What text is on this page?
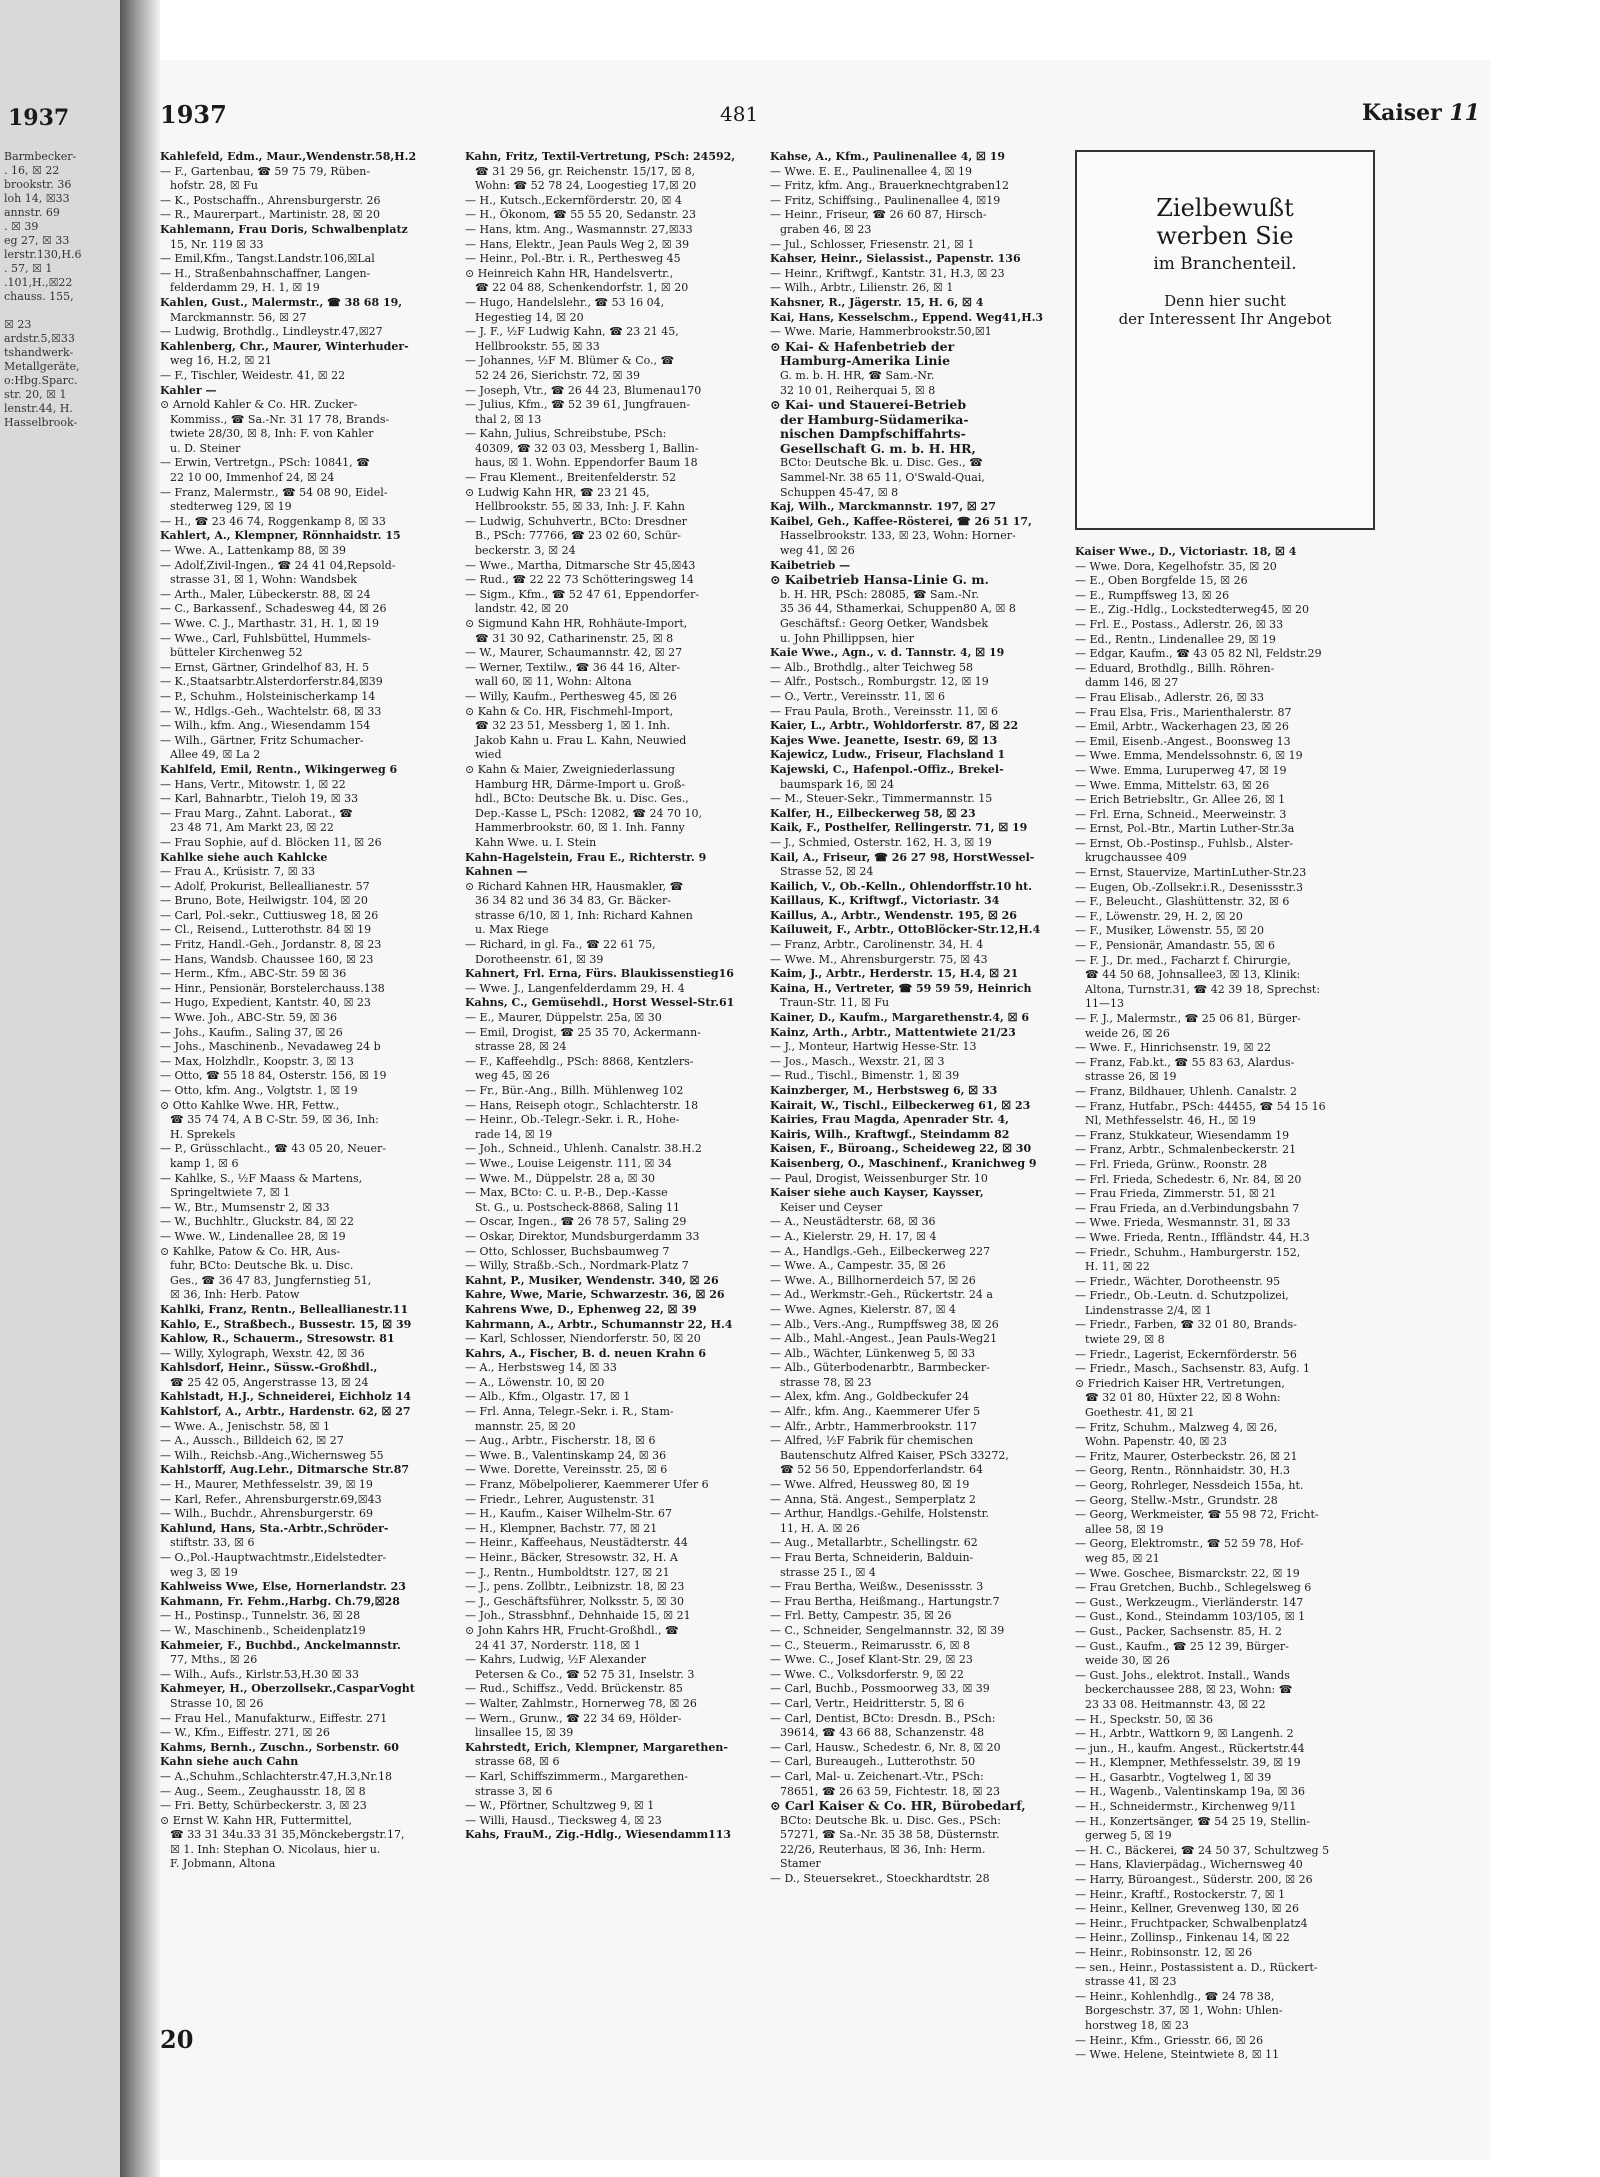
1937
Barmbecker-
. 16, ☒ 22
brookstr. 36
loh 14, ☒33
annstr. 69
. ☒ 39
eg 27, ☒ 33
lerstr.130,H.6
. 57, ☒ 1
.101,H.,☒22
chauss. 155,

☒ 23
ardstr.5,☒33
tshandwerk-
Metallgeräte,
o:Hbg.Sparc.
str. 20, ☒ 1
lenstr.44, H.
Hasselbrook-
1937	481	Kaiser 11
Kahlefeld, Edm., Maur.,Wendenstr.58,H.2
— F., Gartenbau, ☎ 59 75 79, Rüben-
hofstr. 28, ☒ Fu
— K., Postschaffn., Ahrensburgerstr. 26
— R., Maurerpart., Martinistr. 28, ☒ 20
Kahlemann, Frau Doris, Schwalbenplatz
15, Nr. 119 ☒ 33
— Emil,Kfm., Tangst.Landstr.106,☒Lal
— H., Straßenbahnschaffner, Langen-
felderdamm 29, H. 1, ☒ 19
Kahlen, Gust., Malermstr., ☎ 38 68 19,
Marckmannstr. 56, ☒ 27
— Ludwig, Brothdlg., Lindleystr.47,☒27
Kahlenberg, Chr., Maurer, Winterhuder-
weg 16, H.2, ☒ 21
— F., Tischler, Weidestr. 41, ☒ 22
Kahler —
⊙ Arnold Kahler & Co. HR. Zucker-
Kommiss., ☎ Sa.-Nr. 31 17 78, Brands-
twiete 28/30, ☒ 8, Inh: F. von Kahler
u. D. Steiner
— Erwin, Vertretgn., PSch: 10841, ☎
22 10 00, Immenhof 24, ☒ 24
— Franz, Malermstr., ☎ 54 08 90, Eidel-
stedterweg 129, ☒ 19
— H., ☎ 23 46 74, Roggenkamp 8, ☒ 33
Kahlert, A., Klempner, Rönnhaidstr. 15
— Wwe. A., Lattenkamp 88, ☒ 39
— Adolf,Zivil-Ingen., ☎ 24 41 04,Repsold-
strasse 31, ☒ 1, Wohn: Wandsbek
— Arth., Maler, Lübeckerstr. 88, ☒ 24
— C., Barkassenf., Schadesweg 44, ☒ 26
— Wwe. C. J., Marthastr. 31, H. 1, ☒ 19
— Wwe., Carl, Fuhlsbüttel, Hummels-
bütteler Kirchenweg 52
— Ernst, Gärtner, Grindelhof 83, H. 5
— K.,Staatsarbtr.Alsterdorferstr.84,☒39
— P., Schuhm., Holsteinischerkamp 14
— W., Hdlgs.-Geh., Wachtelstr. 68, ☒ 33
— Wilh., kfm. Ang., Wiesendamm 154
— Wilh., Gärtner, Fritz Schumacher-
Allee 49, ☒ La 2
Kahlfeld, Emil, Rentn., Wikingerweg 6
— Hans, Vertr., Mitowstr. 1, ☒ 22
— Karl, Bahnarbtr., Tieloh 19, ☒ 33
— Frau Marg., Zahnt. Laborat., ☎
23 48 71, Am Markt 23, ☒ 22
— Frau Sophie, auf d. Blöcken 11, ☒ 26
Kahlke siehe auch Kahlcke
— Frau A., Krüsistr. 7, ☒ 33
— Adolf, Prokurist, Belleallianestr. 57
— Bruno, Bote, Heilwigstr. 104, ☒ 20
— Carl, Pol.-sekr., Cuttiusweg 18, ☒ 26
— Cl., Reisend., Lutterothstr. 84 ☒ 19
— Fritz, Handl.-Geh., Jordanstr. 8, ☒ 23
— Hans, Wandsb. Chaussee 160, ☒ 23
— Herm., Kfm., ABC-Str. 59 ☒ 36
— Hinr., Pensionär, Borstelerchauss.138
— Hugo, Expedient, Kantstr. 40, ☒ 23
— Wwe. Joh., ABC-Str. 59, ☒ 36
— Johs., Kaufm., Saling 37, ☒ 26
— Johs., Maschinenb., Nevadaweg 24 b
— Max, Holzhdlr., Koopstr. 3, ☒ 13
— Otto, ☎ 55 18 84, Osterstr. 156, ☒ 19
— Otto, kfm. Ang., Volgtstr. 1, ☒ 19
⊙ Otto Kahlke Wwe. HR, Fettw.,
☎ 35 74 74, A B C-Str. 59, ☒ 36, Inh:
H. Sprekels
— P., Grüsschlacht., ☎ 43 05 20, Neuer-
kamp 1, ☒ 6
— Kahlke, S., ½F Maass & Martens,
Springeltwiete 7, ☒ 1
— W., Btr., Mumsenstr 2, ☒ 33
— W., Buchhltr., Gluckstr. 84, ☒ 22
— Wwe. W., Lindenallee 28, ☒ 19
⊙ Kahlke, Patow & Co. HR, Aus-
fuhr, BCto: Deutsche Bk. u. Disc.
Ges., ☎ 36 47 83, Jungfernstieg 51,
☒ 36, Inh: Herb. Patow
Kahlki, Franz, Rentn., Belleallianestr.11
Kahlo, E., Straßbech., Bussestr. 15, ☒ 39
Kahlow, R., Schauerm., Stresowstr. 81
— Willy, Xylograph, Wexstr. 42, ☒ 36
Kahlsdorf, Heinr., Süssw.-Großhdl.,
☎ 25 42 05, Angerstrasse 13, ☒ 24
Kahlstadt, H.J., Schneiderei, Eichholz 14
Kahlstorf, A., Arbtr., Hardenstr. 62, ☒ 27
— Wwe. A., Jenischstr. 58, ☒ 1
— A., Aussch., Billdeich 62, ☒ 27
— Wilh., Reichsb.-Ang.,Wichernsweg 55
Kahlstorff, Aug.Lehr., Ditmarsche Str.87
— H., Maurer, Methfesselstr. 39, ☒ 19
— Karl, Refer., Ahrensburgerstr.69,☒43
— Wilh., Buchdr., Ahrensburgerstr. 69
Kahlund, Hans, Sta.-Arbtr.,Schröder-
stiftstr. 33, ☒ 6
— O.,Pol.-Hauptwachtmstr.,Eidelstedter-
weg 3, ☒ 19
Kahlweiss Wwe, Else, Hornerlandstr. 23
Kahmann, Fr. Fehm.,Harbg. Ch.79,☒28
— H., Postinsp., Tunnelstr. 36, ☒ 28
— W., Maschinenb., Scheidenplatz19
Kahmeier, F., Buchbd., Anckelmannstr.
77, Mths., ☒ 26
— Wilh., Aufs., Kirlstr.53,H.30 ☒ 33
Kahmeyer, H., Oberzollsekr.,CasparVoght
Strasse 10, ☒ 26
— Frau Hel., Manufakturw., Eiffestr. 271
— W., Kfm., Eiffestr. 271, ☒ 26
Kahms, Bernh., Zuschn., Sorbenstr. 60
Kahn siehe auch Cahn
— A.,Schuhm.,Schlachterstr.47,H.3,Nr.18
— Aug., Seem., Zeughausstr. 18, ☒ 8
— Fri. Betty, Schürbeckerstr. 3, ☒ 23
⊙ Ernst W. Kahn HR, Futtermittel,
☎ 33 31 34u.33 31 35,Mönckebergstr.17,
☒ 1. Inh: Stephan O. Nicolaus, hier u.
F. Jobmann, Altona
Kahn, Fritz, Textil-Vertretung, PSch: 24592,
☎ 31 29 56, gr. Reichenstr. 15/17, ☒ 8,
Wohn: ☎ 52 78 24, Loogestieg 17,☒ 20
— H., Kutsch.,Eckernförderstr. 20, ☒ 4
— H., Ökonom, ☎ 55 55 20, Sedanstr. 23
— Hans, ktm. Ang., Wasmannstr. 27,☒33
— Hans, Elektr., Jean Pauls Weg 2, ☒ 39
— Heinr., Pol.-Btr. i. R., Perthesweg 45
⊙ Heinreich Kahn HR, Handelsvertr.,
☎ 22 04 88, Schenkendorfstr. 1, ☒ 20
— Hugo, Handelslehr., ☎ 53 16 04,
Hegestieg 14, ☒ 20
— J. F., ½F Ludwig Kahn, ☎ 23 21 45,
Hellbrookstr. 55, ☒ 33
— Johannes, ½F M. Blümer & Co., ☎
52 24 26, Sierichstr. 72, ☒ 39
— Joseph, Vtr., ☎ 26 44 23, Blumenau170
— Julius, Kfm., ☎ 52 39 61, Jungfrauen-
thal 2, ☒ 13
— Kahn, Julius, Schreibstube, PSch:
40309, ☎ 32 03 03, Messberg 1, Ballin-
haus, ☒ 1. Wohn. Eppendorfer Baum 18
— Frau Klement., Breitenfelderstr. 52
⊙ Ludwig Kahn HR, ☎ 23 21 45,
Hellbrookstr. 55, ☒ 33, Inh: J. F. Kahn
— Ludwig, Schuhvertr., BCto: Dresdner
B., PSch: 77766, ☎ 23 02 60, Schür-
beckerstr. 3, ☒ 24
— Wwe., Martha, Ditmarsche Str 45,☒43
— Rud., ☎ 22 22 73 Schötteringsweg 14
— Sigm., Kfm., ☎ 52 47 61, Eppendorfer-
landstr. 42, ☒ 20
⊙ Sigmund Kahn HR, Rohhäute-Import,
☎ 31 30 92, Catharinenstr. 25, ☒ 8
— W., Maurer, Schaumannstr. 42, ☒ 27
— Werner, Textilw., ☎ 36 44 16, Alter-
wall 60, ☒ 11, Wohn: Altona
— Willy, Kaufm., Perthesweg 45, ☒ 26
⊙ Kahn & Co. HR, Fischmehl-Import,
☎ 32 23 51, Messberg 1, ☒ 1. Inh.
Jakob Kahn u. Frau L. Kahn, Neuwied
wied
⊙ Kahn & Maier, Zweigniederlassung
Hamburg HR, Därme-Import u. Groß-
hdl., BCto: Deutsche Bk. u. Disc. Ges.,
Dep.-Kasse L, PSch: 12082, ☎ 24 70 10,
Hammerbrookstr. 60, ☒ 1. Inh. Fanny
Kahn Wwe. u. I. Stein
Kahn-Hagelstein, Frau E., Richterstr. 9
Kahnen —
⊙ Richard Kahnen HR, Hausmakler, ☎
36 34 82 und 36 34 83, Gr. Bäcker-
strasse 6/10, ☒ 1, Inh: Richard Kahnen
u. Max Riege
— Richard, in gl. Fa., ☎ 22 61 75,
Dorotheenstr. 61, ☒ 39
Kahnert, Frl. Erna, Fürs. Blaukissenstieg16
— Wwe. J., Langenfelderdamm 29, H. 4
Kahns, C., Gemüsehdl., Horst Wessel-Str.61
— E., Maurer, Düppelstr. 25a, ☒ 30
— Emil, Drogist, ☎ 25 35 70, Ackermann-
strasse 28, ☒ 24
— F., Kaffeehdlg., PSch: 8868, Kentzlers-
weg 45, ☒ 26
— Fr., Bür.-Ang., Billh. Mühlenweg 102
— Hans, Reiseph otogr., Schlachterstr. 18
— Heinr., Ob.-Telegr.-Sekr. i. R., Hohe-
rade 14, ☒ 19
— Joh., Schneid., Uhlenh. Canalstr. 38.H.2
— Wwe., Louise Leigenstr. 111, ☒ 34
— Wwe. M., Düppelstr. 28 a, ☒ 30
— Max, BCto: C. u. P.-B., Dep.-Kasse
St. G., u. Postscheck-8868, Saling 11
— Oscar, Ingen., ☎ 26 78 57, Saling 29
— Oskar, Direktor, Mundsburgerdamm 33
— Otto, Schlosser, Buchsbaumweg 7
— Willy, Straßb.-Sch., Nordmark-Platz 7
Kahnt, P., Musiker, Wendenstr. 340, ☒ 26
Kahre, Wwe, Marie, Schwarzestr. 36, ☒ 26
Kahrens Wwe, D., Ephenweg 22, ☒ 39
Kahrmann, A., Arbtr., Schumannstr 22, H.4
— Karl, Schlosser, Niendorferstr. 50, ☒ 20
Kahrs, A., Fischer, B. d. neuen Krahn 6
— A., Herbstsweg 14, ☒ 33
— A., Löwenstr. 10, ☒ 20
— Alb., Kfm., Olgastr. 17, ☒ 1
— Frl. Anna, Telegr.-Sekr. i. R., Stam-
mannstr. 25, ☒ 20
— Aug., Arbtr., Fischerstr. 18, ☒ 6
— Wwe. B., Valentinskamp 24, ☒ 36
— Wwe. Dorette, Vereinsstr. 25, ☒ 6
— Franz, Möbelpolierer, Kaemmerer Ufer 6
— Friedr., Lehrer, Augustenstr. 31
— H., Kaufm., Kaiser Wilhelm-Str. 67
— H., Klempner, Bachstr. 77, ☒ 21
— Heinr., Kaffeehaus, Neustädterstr. 44
— Heinr., Bäcker, Stresowstr. 32, H. A
— J., Rentn., Humboldtstr. 127, ☒ 21
— J., pens. Zollbtr., Leibnizstr. 18, ☒ 23
— J., Geschäftsführer, Nolksstr. 5, ☒ 30
— Joh., Strassbhnf., Dehnhaide 15, ☒ 21
⊙ John Kahrs HR, Frucht-Großhdl., ☎
24 41 37, Norderstr. 118, ☒ 1
— Kahrs, Ludwig, ½F Alexander
Petersen & Co., ☎ 52 75 31, Inselstr. 3
— Rud., Schiffsz., Vedd. Brückenstr. 85
— Walter, Zahlmstr., Hornerweg 78, ☒ 26
— Wern., Grunw., ☎ 22 34 69, Hölder-
linsallee 15, ☒ 39
Kahrstedt, Erich, Klempner, Margarethen-
strasse 68, ☒ 6
— Karl, Schiffszimmerm., Margarethen-
strasse 3, ☒ 6
— W., Pförtner, Schultzweg 9, ☒ 1
— Willi, Hausd., Tiecksweg 4, ☒ 23
Kahs, FrauM., Zig.-Hdlg., Wiesendamm113
Kahse, A., Kfm., Paulinenallee 4, ☒ 19
— Wwe. E. E., Paulinenallee 4, ☒ 19
— Fritz, kfm. Ang., Brauerknechtgraben12
— Fritz, Schiffsing., Paulinenallee 4, ☒19
— Heinr., Friseur, ☎ 26 60 87, Hirsch-
graben 46, ☒ 23
— Jul., Schlosser, Friesenstr. 21, ☒ 1
Kahser, Heinr., Sielassist., Papenstr. 136
— Heinr., Kriftwgf., Kantstr. 31, H.3, ☒ 23
— Wilh., Arbtr., Lilienstr. 26, ☒ 1
Kahsner, R., Jägerstr. 15, H. 6, ☒ 4
Kai, Hans, Kesselschm., Eppend. Weg41,H.3
— Wwe. Marie, Hammerbrookstr.50,☒1
⊙ Kai- & Hafenbetrieb der
Hamburg-Amerika Linie
G. m. b. H. HR, ☎ Sam.-Nr.
32 10 01, Reiherquai 5, ☒ 8
⊙ Kai- und Stauerei-Betrieb
der Hamburg-Südamerika-
nischen Dampfschiffahrts-
Gesellschaft G. m. b. H. HR,
BCto: Deutsche Bk. u. Disc. Ges., ☎
Sammel-Nr. 38 65 11, O'Swald-Quai,
Schuppen 45-47, ☒ 8
Kaj, Wilh., Marckmannstr. 197, ☒ 27
Kaibel, Geh., Kaffee-Rösterei, ☎ 26 51 17,
Hasselbrookstr. 133, ☒ 23, Wohn: Horner-
weg 41, ☒ 26
Kaibetrieb —
⊙ Kaibetrieb Hansa-Linie G. m.
b. H. HR, PSch: 28085, ☎ Sam.-Nr.
35 36 44, Sthamerkai, Schuppen80 A, ☒ 8
Geschäftsf.: Georg Oetker, Wandsbek
u. John Phillippsen, hier
Kaie Wwe., Agn., v. d. Tannstr. 4, ☒ 19
— Alb., Brothdlg., alter Teichweg 58
— Alfr., Postsch., Romburgstr. 12, ☒ 19
— O., Vertr., Vereinsstr. 11, ☒ 6
— Frau Paula, Broth., Vereinsstr. 11, ☒ 6
Kaier, L., Arbtr., Wohldorferstr. 87, ☒ 22
Kajes Wwe. Jeanette, Isestr. 69, ☒ 13
Kajewicz, Ludw., Friseur, Flachsland 1
Kajewski, C., Hafenpol.-Offiz., Brekel-
baumspark 16, ☒ 24
— M., Steuer-Sekr., Timmermannstr. 15
Kalfer, H., Eilbeckerweg 58, ☒ 23
Kaik, F., Posthelfer, Rellingerstr. 71, ☒ 19
— J., Schmied, Osterstr. 162, H. 3, ☒ 19
Kail, A., Friseur, ☎ 26 27 98, HorstWessel-
Strasse 52, ☒ 24
Kailich, V., Ob.-Kelln., Ohlendorffstr.10 ht.
Kaillaus, K., Kriftwgf., Victoriastr. 34
Kaillus, A., Arbtr., Wendenstr. 195, ☒ 26
Kailuweit, F., Arbtr., OttoBlöcker-Str.12,H.4
— Franz, Arbtr., Carolinenstr. 34, H. 4
— Wwe. M., Ahrensburgerstr. 75, ☒ 43
Kaim, J., Arbtr., Herderstr. 15, H.4, ☒ 21
Kaina, H., Vertreter, ☎ 59 59 59, Heinrich
Traun-Str. 11, ☒ Fu
Kainer, D., Kaufm., Margarethenstr.4, ☒ 6
Kainz, Arth., Arbtr., Mattentwiete 21/23
— J., Monteur, Hartwig Hesse-Str. 13
— Jos., Masch., Wexstr. 21, ☒ 3
— Rud., Tischl., Bimenstr. 1, ☒ 39
Kainzberger, M., Herbstsweg 6, ☒ 33
Kairait, W., Tischl., Eilbeckerweg 61, ☒ 23
Kairies, Frau Magda, Apenrader Str. 4,
Kairis, Wilh., Kraftwgf., Steindamm 82
Kaisen, F., Büroang., Scheideweg 22, ☒ 30
Kaisenberg, O., Maschinenf., Kranichweg 9
— Paul, Drogist, Weissenburger Str. 10
Kaiser siehe auch Kayser, Kaysser,
Keiser und Ceyser
— A., Neustädterstr. 68, ☒ 36
— A., Kielerstr. 29, H. 17, ☒ 4
— A., Handlgs.-Geh., Eilbeckerweg 227
— Wwe. A., Campestr. 35, ☒ 26
— Wwe. A., Billhornerdeich 57, ☒ 26
— Ad., Werkmstr.-Geh., Rückertstr. 24 a
— Wwe. Agnes, Kielerstr. 87, ☒ 4
— Alb., Vers.-Ang., Rumpffsweg 38, ☒ 26
— Alb., Mahl.-Angest., Jean Pauls-Weg21
— Alb., Wächter, Lünkenweg 5, ☒ 33
— Alb., Güterbodenarbtr., Barmbecker-
strasse 78, ☒ 23
— Alex, kfm. Ang., Goldbeckufer 24
— Alfr., kfm. Ang., Kaemmerer Ufer 5
— Alfr., Arbtr., Hammerbrookstr. 117
— Alfred, ½F Fabrik für chemischen
Bautenschutz Alfred Kaiser, PSch 33272,
☎ 52 56 50, Eppendorferlandstr. 64
— Wwe. Alfred, Heussweg 80, ☒ 19
— Anna, Stä. Angest., Semperplatz 2
— Arthur, Handlgs.-Gehilfe, Holstenstr.
11, H. A. ☒ 26
— Aug., Metallarbtr., Schellingstr. 62
— Frau Berta, Schneiderin, Balduin-
strasse 25 I., ☒ 4
— Frau Bertha, Weißw., Desenissstr. 3
— Frau Bertha, Heißmang., Hartungstr.7
— Frl. Betty, Campestr. 35, ☒ 26
— C., Schneider, Sengelmannstr. 32, ☒ 39
— C., Steuerm., Reimarusstr. 6, ☒ 8
— Wwe. C., Josef Klant-Str. 29, ☒ 23
— Wwe. C., Volksdorferstr. 9, ☒ 22
— Carl, Buchb., Possmoorweg 33, ☒ 39
— Carl, Vertr., Heidritterstr. 5, ☒ 6
— Carl, Dentist, BCto: Dresdn. B., PSch:
39614, ☎ 43 66 88, Schanzenstr. 48
— Carl, Hausw., Schedestr. 6, Nr. 8, ☒ 20
— Carl, Bureaugeh., Lutterothstr. 50
— Carl, Mal- u. Zeichenart.-Vtr., PSch:
78651, ☎ 26 63 59, Fichtestr. 18, ☒ 23
⊙ Carl Kaiser & Co. HR, Bürobedarf,
BCto: Deutsche Bk. u. Disc. Ges., PSch:
57271, ☎ Sa.-Nr. 35 38 58, Düsternstr.
22/26, Reuterhaus, ☒ 36, Inh: Herm.
Stamer
— D., Steuersekret., Stoeckhardtstr. 28
Zielbewußt
werben Sie
im Branchenteil.
Denn hier sucht
der Interessent Ihr Angebot
Kaiser Wwe., D., Victoriastr. 18, ☒ 4
— Wwe. Dora, Kegelhofstr. 35, ☒ 20
— E., Oben Borgfelde 15, ☒ 26
— E., Rumpffsweg 13, ☒ 26
— E., Zig.-Hdlg., Lockstedterweg45, ☒ 20
— Frl. E., Postass., Adlerstr. 26, ☒ 33
— Ed., Rentn., Lindenallee 29, ☒ 19
— Edgar, Kaufm., ☎ 43 05 82 Nl, Feldstr.29
— Eduard, Brothdlg., Billh. Röhren-
damm 146, ☒ 27
— Frau Elisab., Adlerstr. 26, ☒ 33
— Frau Elsa, Fris., Marienthalerstr. 87
— Emil, Arbtr., Wackerhagen 23, ☒ 26
— Emil, Eisenb.-Angest., Boonsweg 13
— Wwe. Emma, Mendelssohnstr. 6, ☒ 19
— Wwe. Emma, Luruperweg 47, ☒ 19
— Wwe. Emma, Mittelstr. 63, ☒ 26
— Erich Betriebsltr., Gr. Allee 26, ☒ 1
— Frl. Erna, Schneid., Meerweinstr. 3
— Ernst, Pol.-Btr., Martin Luther-Str.3a
— Ernst, Ob.-Postinsp., Fuhlsb., Alster-
krugchaussee 409
— Ernst, Stauervize, MartinLuther-Str.23
— Eugen, Ob.-Zollsekr.i.R., Desenissstr.3
— F., Beleucht., Glashüttenstr. 32, ☒ 6
— F., Löwenstr. 29, H. 2, ☒ 20
— F., Musiker, Löwenstr. 55, ☒ 20
— F., Pensionär, Amandastr. 55, ☒ 6
— F. J., Dr. med., Facharzt f. Chirurgie,
☎ 44 50 68, Johnsallee3, ☒ 13, Klinik:
Altona, Turnstr.31, ☎ 42 39 18, Sprechst:
11—13
— F. J., Malermstr., ☎ 25 06 81, Bürger-
weide 26, ☒ 26
— Wwe. F., Hinrichsenstr. 19, ☒ 22
— Franz, Fab.kt., ☎ 55 83 63, Alardus-
strasse 26, ☒ 19
— Franz, Bildhauer, Uhlenh. Canalstr. 2
— Franz, Hutfabr., PSch: 44455, ☎ 54 15 16
Nl, Methfesselstr. 46, H., ☒ 19
— Franz, Stukkateur, Wiesendamm 19
— Franz, Arbtr., Schmalenbeckerstr. 21
— Frl. Frieda, Grünw., Roonstr. 28
— Frl. Frieda, Schedestr. 6, Nr. 84, ☒ 20
— Frau Frieda, Zimmerstr. 51, ☒ 21
— Frau Frieda, an d.Verbindungsbahn 7
— Wwe. Frieda, Wesmannstr. 31, ☒ 33
— Wwe. Frieda, Rentn., Iffländstr. 44, H.3
— Friedr., Schuhm., Hamburgerstr. 152,
H. 11, ☒ 22
— Friedr., Wächter, Dorotheenstr. 95
— Friedr., Ob.-Leutn. d. Schutzpolizei,
Lindenstrasse 2/4, ☒ 1
— Friedr., Farben, ☎ 32 01 80, Brands-
twiete 29, ☒ 8
— Friedr., Lagerist, Eckernförderstr. 56
— Friedr., Masch., Sachsenstr. 83, Aufg. 1
⊙ Friedrich Kaiser HR, Vertretungen,
☎ 32 01 80, Hüxter 22, ☒ 8 Wohn:
Goethestr. 41, ☒ 21
— Fritz, Schuhm., Malzweg 4, ☒ 26,
Wohn. Papenstr. 40, ☒ 23
— Fritz, Maurer, Osterbeckstr. 26, ☒ 21
— Georg, Rentn., Rönnhaidstr. 30, H.3
— Georg, Rohrleger, Nessdeich 155a, ht.
— Georg, Stellw.-Mstr., Grundstr. 28
— Georg, Werkmeister, ☎ 55 98 72, Fricht-
allee 58, ☒ 19
— Georg, Elektromstr., ☎ 52 59 78, Hof-
weg 85, ☒ 21
— Wwe. Goschee, Bismarckstr. 22, ☒ 19
— Frau Gretchen, Buchb., Schlegelsweg 6
— Gust., Werkzeugm., Vierländerstr. 147
— Gust., Kond., Steindamm 103/105, ☒ 1
— Gust., Packer, Sachsenstr. 85, H. 2
— Gust., Kaufm., ☎ 25 12 39, Bürger-
weide 30, ☒ 26
— Gust. Johs., elektrot. Install., Wands
beckerchaussee 288, ☒ 23, Wohn: ☎
23 33 08. Heitmannstr. 43, ☒ 22
— H., Speckstr. 50, ☒ 36
— H., Arbtr., Wattkorn 9, ☒ Langenh. 2
— jun., H., kaufm. Angest., Rückertstr.44
— H., Klempner, Methfesselstr. 39, ☒ 19
— H., Gasarbtr., Vogtelweg 1, ☒ 39
— H., Wagenb., Valentinskamp 19a, ☒ 36
— H., Schneidermstr., Kirchenweg 9/11
— H., Konzertsänger, ☎ 54 25 19, Stellin-
gerweg 5, ☒ 19
— H. C., Bäckerei, ☎ 24 50 37, Schultzweg 5
— Hans, Klavierpädag., Wichernsweg 40
— Harry, Büroangest., Süderstr. 200, ☒ 26
— Heinr., Kraftf., Rostockerstr. 7, ☒ 1
— Heinr., Kellner, Grevenweg 130, ☒ 26
— Heinr., Fruchtpacker, Schwalbenplatz4
— Heinr., Zollinsp., Finkenau 14, ☒ 22
— Heinr., Robinsonstr. 12, ☒ 26
— sen., Heinr., Postassistent a. D., Rückert-
strasse 41, ☒ 23
— Heinr., Kohlenhdlg., ☎ 24 78 38,
Borgeschstr. 37, ☒ 1, Wohn: Uhlen-
horstweg 18, ☒ 23
— Heinr., Kfm., Griesstr. 66, ☒ 26
— Wwe. Helene, Steintwiete 8, ☒ 11
20
